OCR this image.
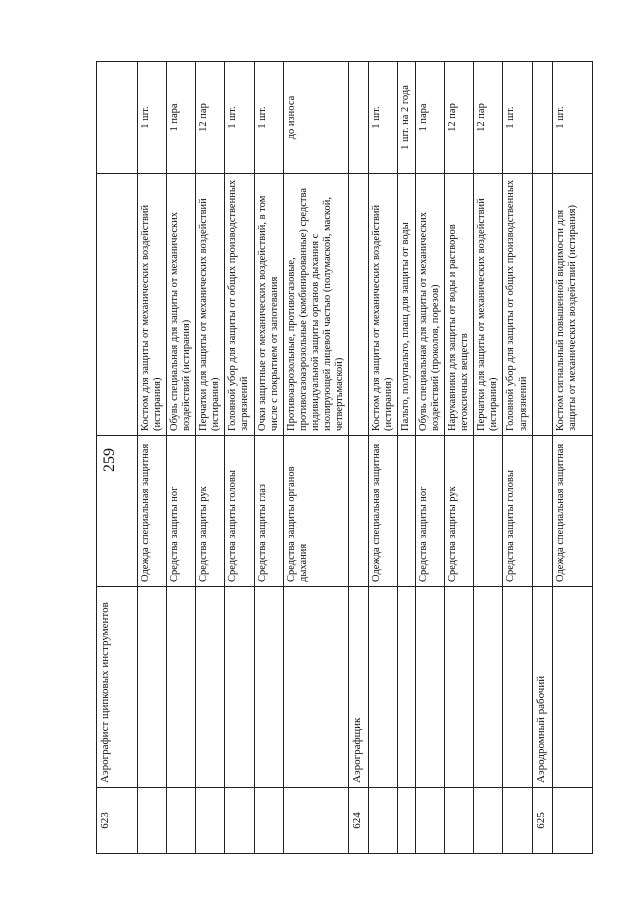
259
623	Аэрографист щипковых инструментов			
		Одежда специальная защитная	Костюм для защиты от механических воздействий (истирания)	1 шт.
		Средства защиты ног	Обувь специальная для защиты от механических воздействий (истирания)	1 пара
		Средства защиты рук	Перчатки для защиты от механических воздействий (истирания)	12 пар
		Средства защиты головы	Головной убор для защиты от общих производственных загрязнений	1 шт.
		Средства защиты глаз	Очки защитные от механических воздействий, в том числе с покрытием от запотевания	1 шт.
		Средства защиты органов дыхания	Противоаэрозольные, противогазовые, противогазоаэрозольные (комбинированные) средства индивидуальной защиты органов дыхания с изолирующей лицевой частью (полумаской, маской, четвертьмаской)	до износа
624	Аэрографщик			
		Одежда специальная защитная	Костюм для защиты от механических воздействий (истирания)	1 шт.
			Пальто, полупальто, плащ для защиты от воды	1 шт. на 2 года
		Средства защиты ног	Обувь специальная для защиты от механических воздействий (проколов, порезов)	1 пара
		Средства защиты рук	Нарукавники для защиты от воды и растворов нетоксичных веществ	12 пар
			Перчатки для защиты от механических воздействий (истирания)	12 пар
		Средства защиты головы	Головной убор для защиты от общих производственных загрязнений	1 шт.
625	Аэродромный рабочий			
		Одежда специальная защитная	Костюм сигнальный повышенной видимости для защиты от механических воздействий (истирания)	1 шт.
